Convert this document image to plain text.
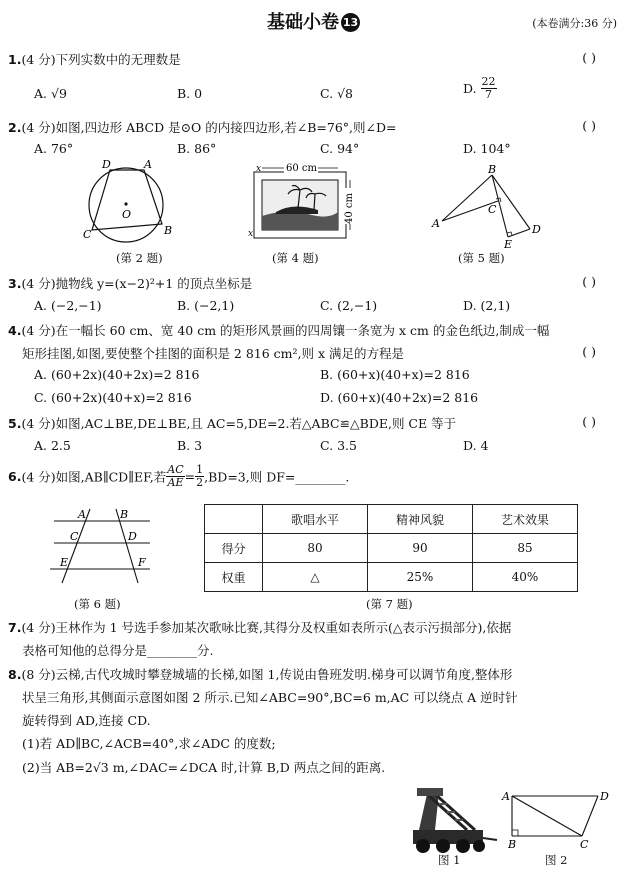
基础小卷 13	(本卷满分:36 分)
1.(4 分)下列实数中的无理数是	( )
A. √9	B. 0	C. √8	D. $\frac{22}{7}$
2.(4 分)如图,四边形 ABCD 是⊙O 的内接四边形,若∠B=76°,则∠D=	( )
A. 76°	B. 86°	C. 94°	D. 104°
D	A
C	B
O
(第 2 题)
60 cm
40 cm
x
x
(第 4 题)
B
A
C
D
E
(第 5 题)
3.(4 分)抛物线 y=(x−2)²+1 的顶点坐标是	( )
A. (−2,−1)	B. (−2,1)	C. (2,−1)	D. (2,1)
4.(4 分)在一幅长 60 cm、宽 40 cm 的矩形风景画的四周镶一条宽为 x cm 的金色纸边,制成一幅
矩形挂图,如图,要使整个挂图的面积是 2 816 cm²,则 x 满足的方程是	( )
A. (60+2x)(40+2x)=2 816	B. (60+x)(40+x)=2 816
C. (60+2x)(40+x)=2 816	D. (60+x)(40+2x)=2 816
5.(4 分)如图,AC⊥BE,DE⊥BE,且 AC=5,DE=2.若△ABC≌△BDE,则 CE 等于	( )
A. 2.5	B. 3	C. 3.5	D. 4
6.(4 分)如图,AB∥CD∥EF,若 $\frac{AC}{AE} = \frac{1}{2} ,BD=3$,则 DF=________.
A	B
C	D
E	F
(第 6 题)
	歌唱水平	精神风貌	艺术效果
得分	80	90	85
权重	△	25%	40%
(第 7 题)
7.(4 分)王林作为 1 号选手参加某次歌咏比赛,其得分及权重如表所示(△表示污损部分),依据
表格可知他的总得分是________分.
8.(8 分)云梯,古代攻城时攀登城墙的长梯,如图 1,传说由鲁班发明.梯身可以调节角度,整体形
状呈三角形,其侧面示意图如图 2 所示.已知∠ABC=90°,BC=6 m,AC 可以绕点 A 逆时针
旋转得到 AD,连接 CD.
(1)若 AD∥BC,∠ACB=40°,求∠ADC 的度数;
(2)当 AB=2√3 m,∠DAC=∠DCA 时,计算 B,D 两点之间的距离.
图 1
A	D
B	C
图 2
